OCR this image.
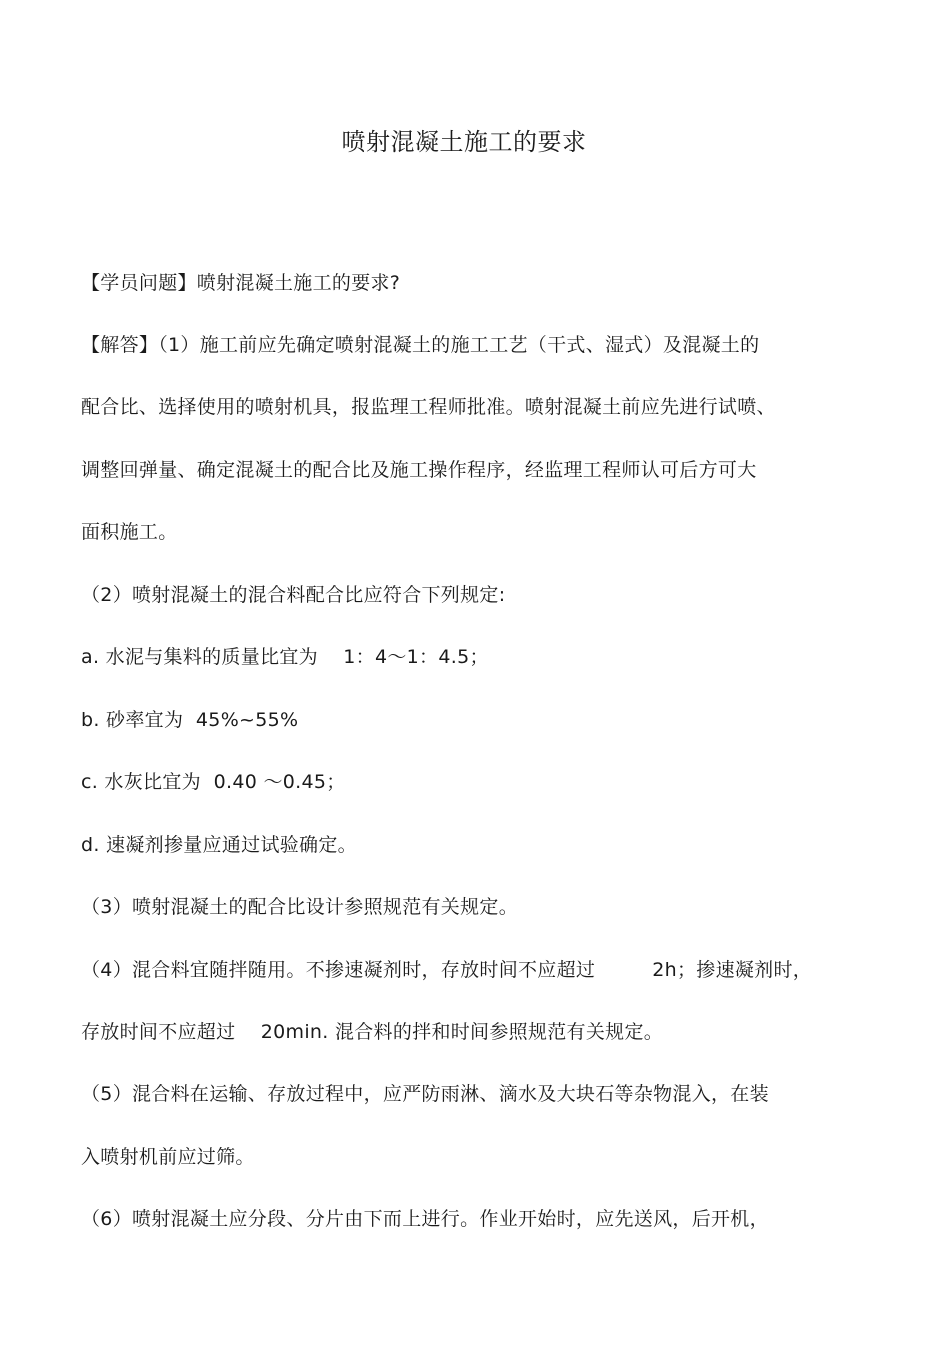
喷射混凝土施工的要求
【学员问题】喷射混凝土施工的要求?
【解答】（1）施工前应先确定喷射混凝土的施工工艺（干式、湿式）及混凝土的
配合比、选择使用的喷射机具，报监理工程师批准。喷射混凝土前应先进行试喷、
调整回弹量、确定混凝土的配合比及施工操作程序，经监理工程师认可后方可大
面积施工。
（2）喷射混凝土的混合料配合比应符合下列规定:
a. 水泥与集料的质量比宜为    1：4～1：4.5；
b. 砂率宜为  45%~55%
c. 水灰比宜为  0.40 ～0.45；
d. 速凝剂掺量应通过试验确定。
（3）喷射混凝土的配合比设计参照规范有关规定。
（4）混合料宜随拌随用。不掺速凝剂时，存放时间不应超过         2h；掺速凝剂时，
存放时间不应超过    20min. 混合料的拌和时间参照规范有关规定。
（5）混合料在运输、存放过程中，应严防雨淋、滴水及大块石等杂物混入，在装
入喷射机前应过筛。
（6）喷射混凝土应分段、分片由下而上进行。作业开始时，应先送风，后开机，
